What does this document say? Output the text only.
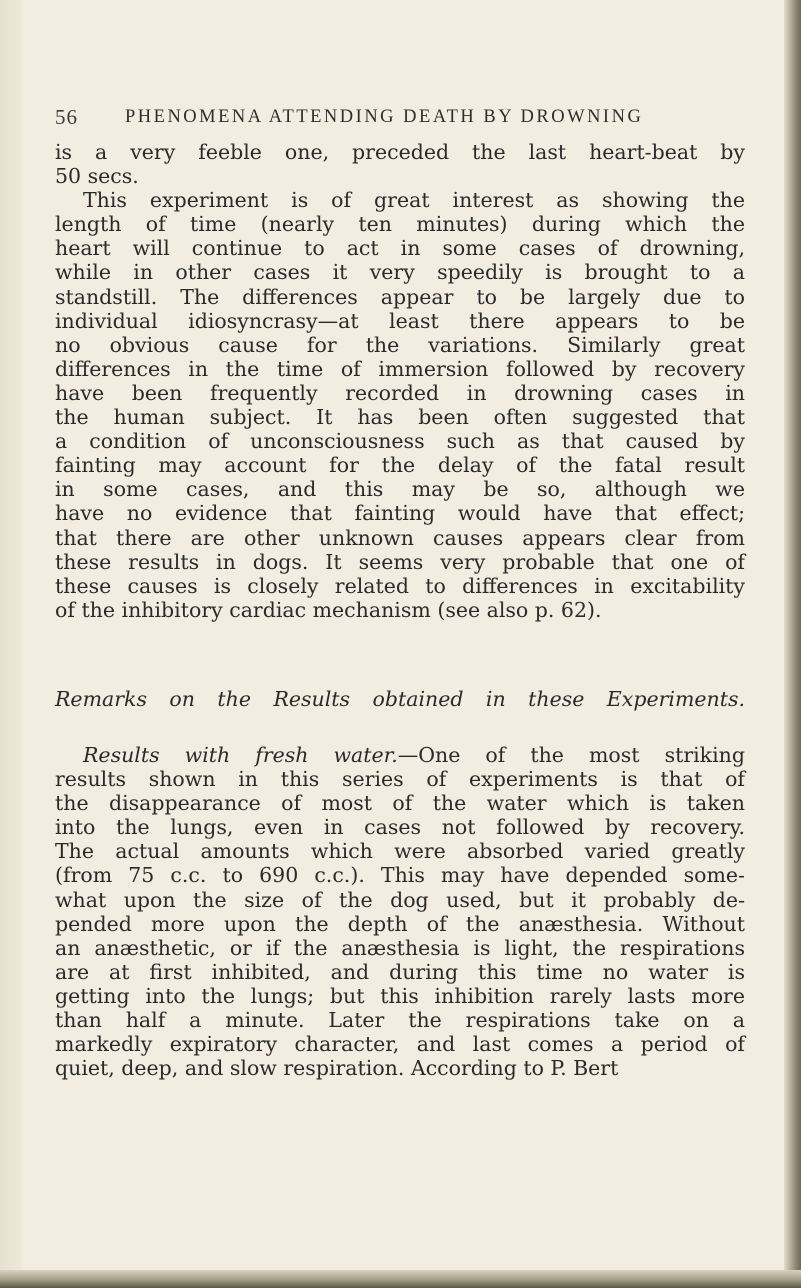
56	PHENOMENA ATTENDING DEATH BY DROWNING
is a very feeble one, preceded the last heart-beat by
50 secs.
This experiment is of great interest as showing the
length of time (nearly ten minutes) during which the
heart will continue to act in some cases of drowning,
while in other cases it very speedily is brought to a
standstill. The differences appear to be largely due to
individual idiosyncrasy—at least there appears to be
no obvious cause for the variations. Similarly great
differences in the time of immersion followed by recovery
have been frequently recorded in drowning cases in
the human subject. It has been often suggested that
a condition of unconsciousness such as that caused by
fainting may account for the delay of the fatal result
in some cases, and this may be so, although we
have no evidence that fainting would have that effect;
that there are other unknown causes appears clear from
these results in dogs. It seems very probable that one of
these causes is closely related to differences in excitability
of the inhibitory cardiac mechanism (see also p. 62).
Remarks on the Results obtained in these Experiments.
Results with fresh water.—One of the most striking
results shown in this series of experiments is that of
the disappearance of most of the water which is taken
into the lungs, even in cases not followed by recovery.
The actual amounts which were absorbed varied greatly
(from 75 c.c. to 690 c.c.). This may have depended some-
what upon the size of the dog used, but it probably de-
pended more upon the depth of the anæsthesia. Without
an anæsthetic, or if the anæsthesia is light, the respirations
are at first inhibited, and during this time no water is
getting into the lungs; but this inhibition rarely lasts more
than half a minute. Later the respirations take on a
markedly expiratory character, and last comes a period of
quiet, deep, and slow respiration. According to P. Bert
